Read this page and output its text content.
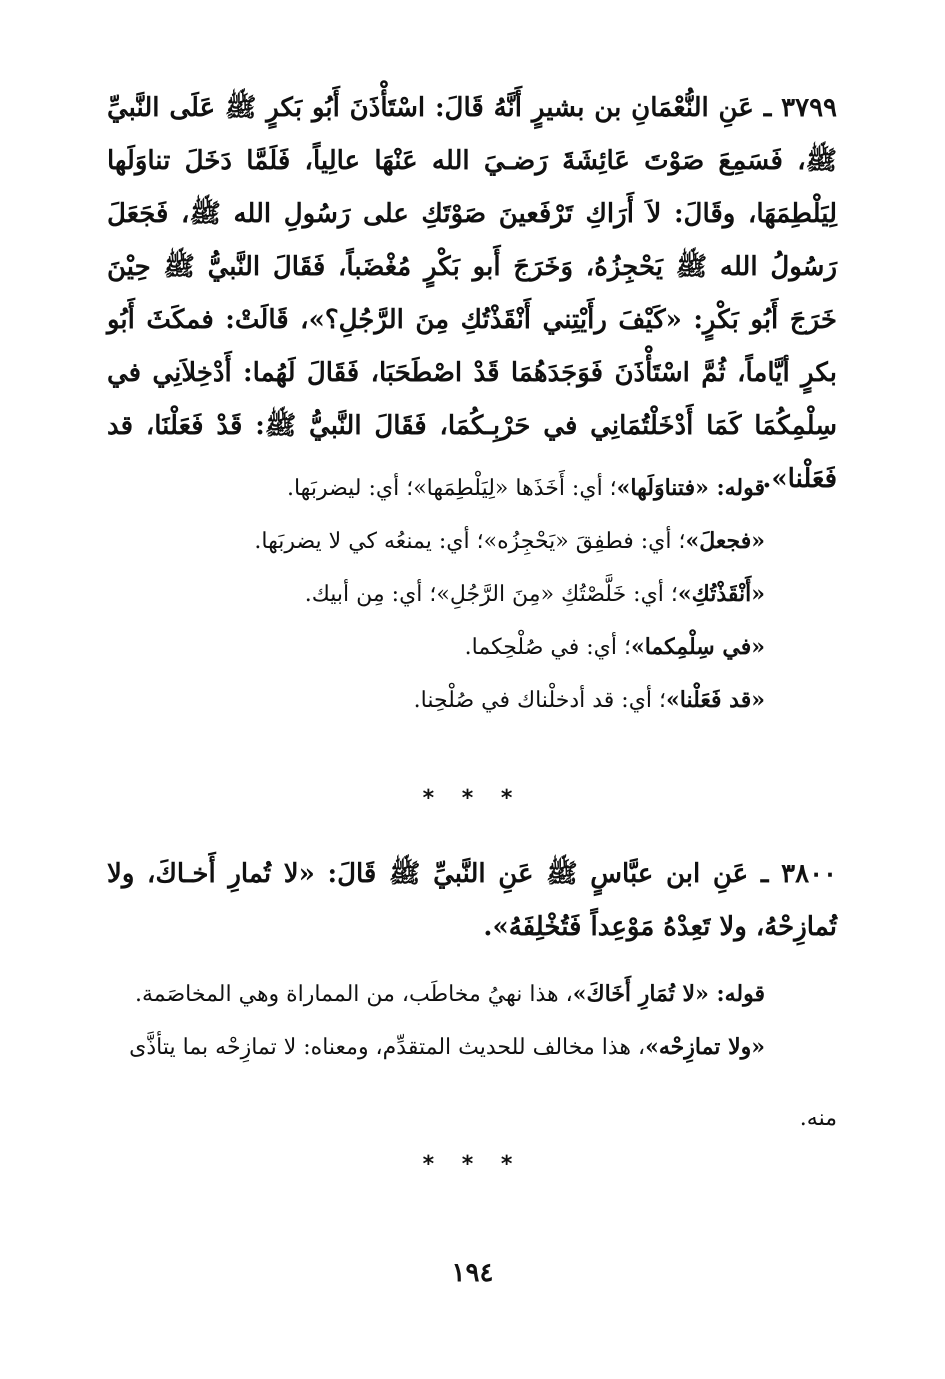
٣٧٩٩ ـ عَنِ النُّعْمَانِ بن بشيرٍ أَنَّهُ قَالَ: اسْتَأْذَنَ أَبُو بَكرٍ ﷺ عَلَى النَّبيِّ ﷺ، فَسَمِعَ صَوْتَ عَائِشَةَ رَضـيَ الله عَنْهَا عالِياً، فَلَمَّا دَخَلَ تناوَلَها لِيَلْطِمَهَا، وقَالَ: لاَ أَرَاكِ تَرْفَعينَ صَوْتَكِ على رَسُولِ الله ﷺ، فَجَعَلَ رَسُولُ الله ﷺ يَحْجِزُهُ، وَخَرَجَ أَبو بَكْرٍ مُغْضَباً، فَقَالَ النَّبيُّ ﷺ حِيْنَ خَرَجَ أَبُو بَكْرٍ: «كَيْفَ رأَيْتِني أَنْقَذْتُكِ مِنَ الرَّجُلِ؟»، قَالَتْ: فمكَثَ أَبُو بكرٍ أيَّاماً، ثُمَّ اسْتَأْذَنَ فَوَجَدَهُمَا قَدْ اصْطَحَبَا، فَقَالَ لَهُما: أَدْخِلاَنِي في سِلْمِكُمَا كَمَا أَدْخَلْتُمَانِي في حَرْبِـكُمَا، فَقَالَ النَّبيُّ ﷺ: قَدْ فَعَلْنَا، قد فَعَلْنا».

قوله: «فتناوَلَها»؛ أي: أَخَذَها «لِيَلْطِمَها»؛ أي: ليضربَها.

«فجعلَ»؛ أي: فطفِقَ «يَحْجِزُه»؛ أي: يمنعُه كي لا يضربَها.

«أَنْقَذْتُكِ»؛ أي: خَلَّصْتُكِ «مِنَ الرَّجُلِ»؛ أي: مِن أبيك.

«في سِلْمِكما»؛ أي: في صُلْحِكما.

«قد فَعَلْنا»؛ أي: قد أدخلْناك في صُلْحِنا.

* * *

٣٨٠٠ ـ عَنِ ابن عبَّاسٍ ﷺ عَنِ النَّبيِّ ﷺ قَالَ: «لا تُمارِ أَخـاكَ، ولا تُمازِحْهُ، ولا تَعِدْهُ مَوْعِداً فَتُخْلِفَهُ».

قوله: «لا تُمَارِ أَخَاكَ»، هذا نهيُ مخاطَب، من المماراة وهي المخاصَمة.

«ولا تمازِحْه»، هذا مخالف للحديث المتقدِّم، ومعناه: لا تمازِحْه بما يتأذَّى

منه.

* * *
١٩٤
